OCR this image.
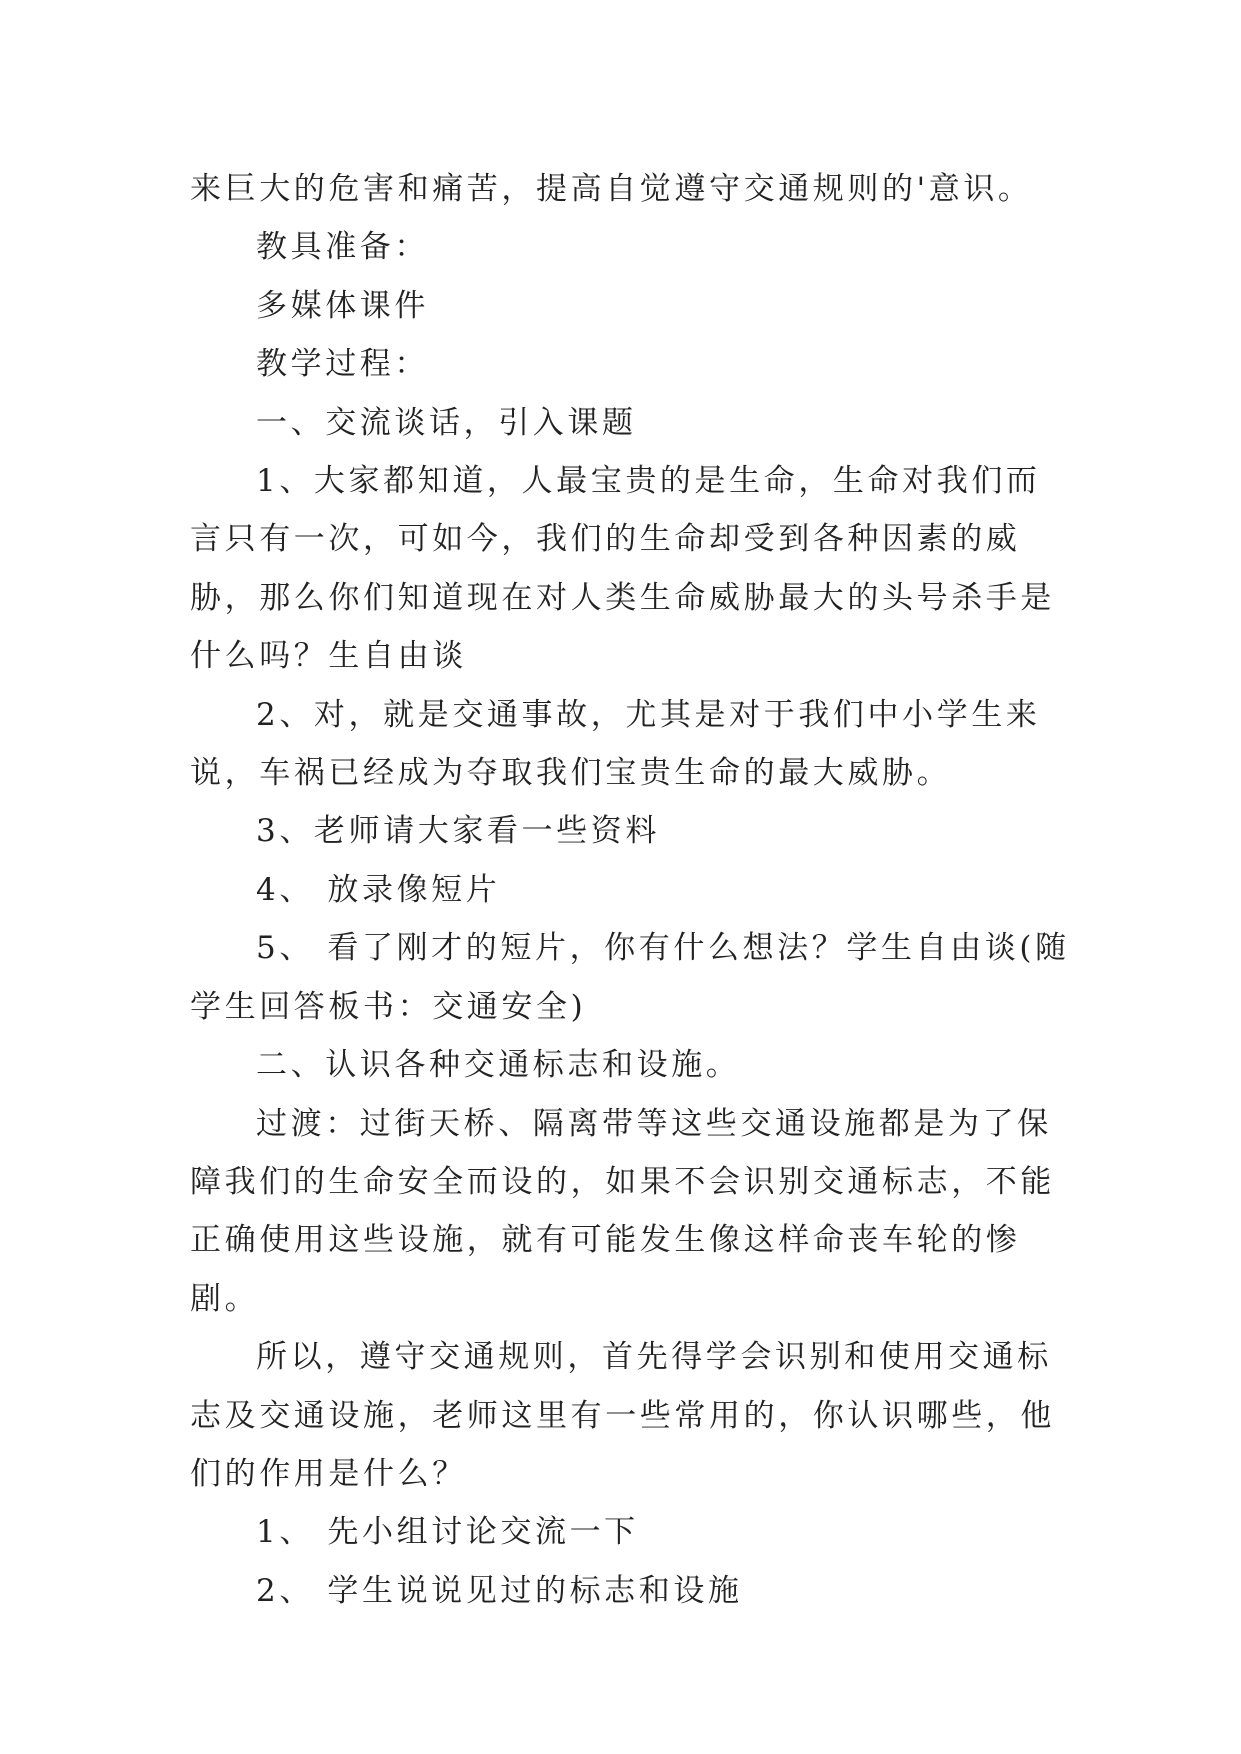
来巨大的危害和痛苦，提高自觉遵守交通规则的'意识。

教具准备：

多媒体课件

教学过程：

一、交流谈话，引入课题

1、大家都知道，人最宝贵的是生命，生命对我们而言只有一次，可如今，我们的生命却受到各种因素的威胁，那么你们知道现在对人类生命威胁最大的头号杀手是什么吗？生自由谈

2、对，就是交通事故，尤其是对于我们中小学生来说，车祸已经成为夺取我们宝贵生命的最大威胁。

3、老师请大家看一些资料

4、 放录像短片

5、 看了刚才的短片，你有什么想法？学生自由谈(随学生回答板书：交通安全)

二、认识各种交通标志和设施。

过渡：过街天桥、隔离带等这些交通设施都是为了保障我们的生命安全而设的，如果不会识别交通标志，不能正确使用这些设施，就有可能发生像这样命丧车轮的惨剧。

所以，遵守交通规则，首先得学会识别和使用交通标志及交通设施，老师这里有一些常用的，你认识哪些，他们的作用是什么？

1、 先小组讨论交流一下

2、 学生说说见过的标志和设施
